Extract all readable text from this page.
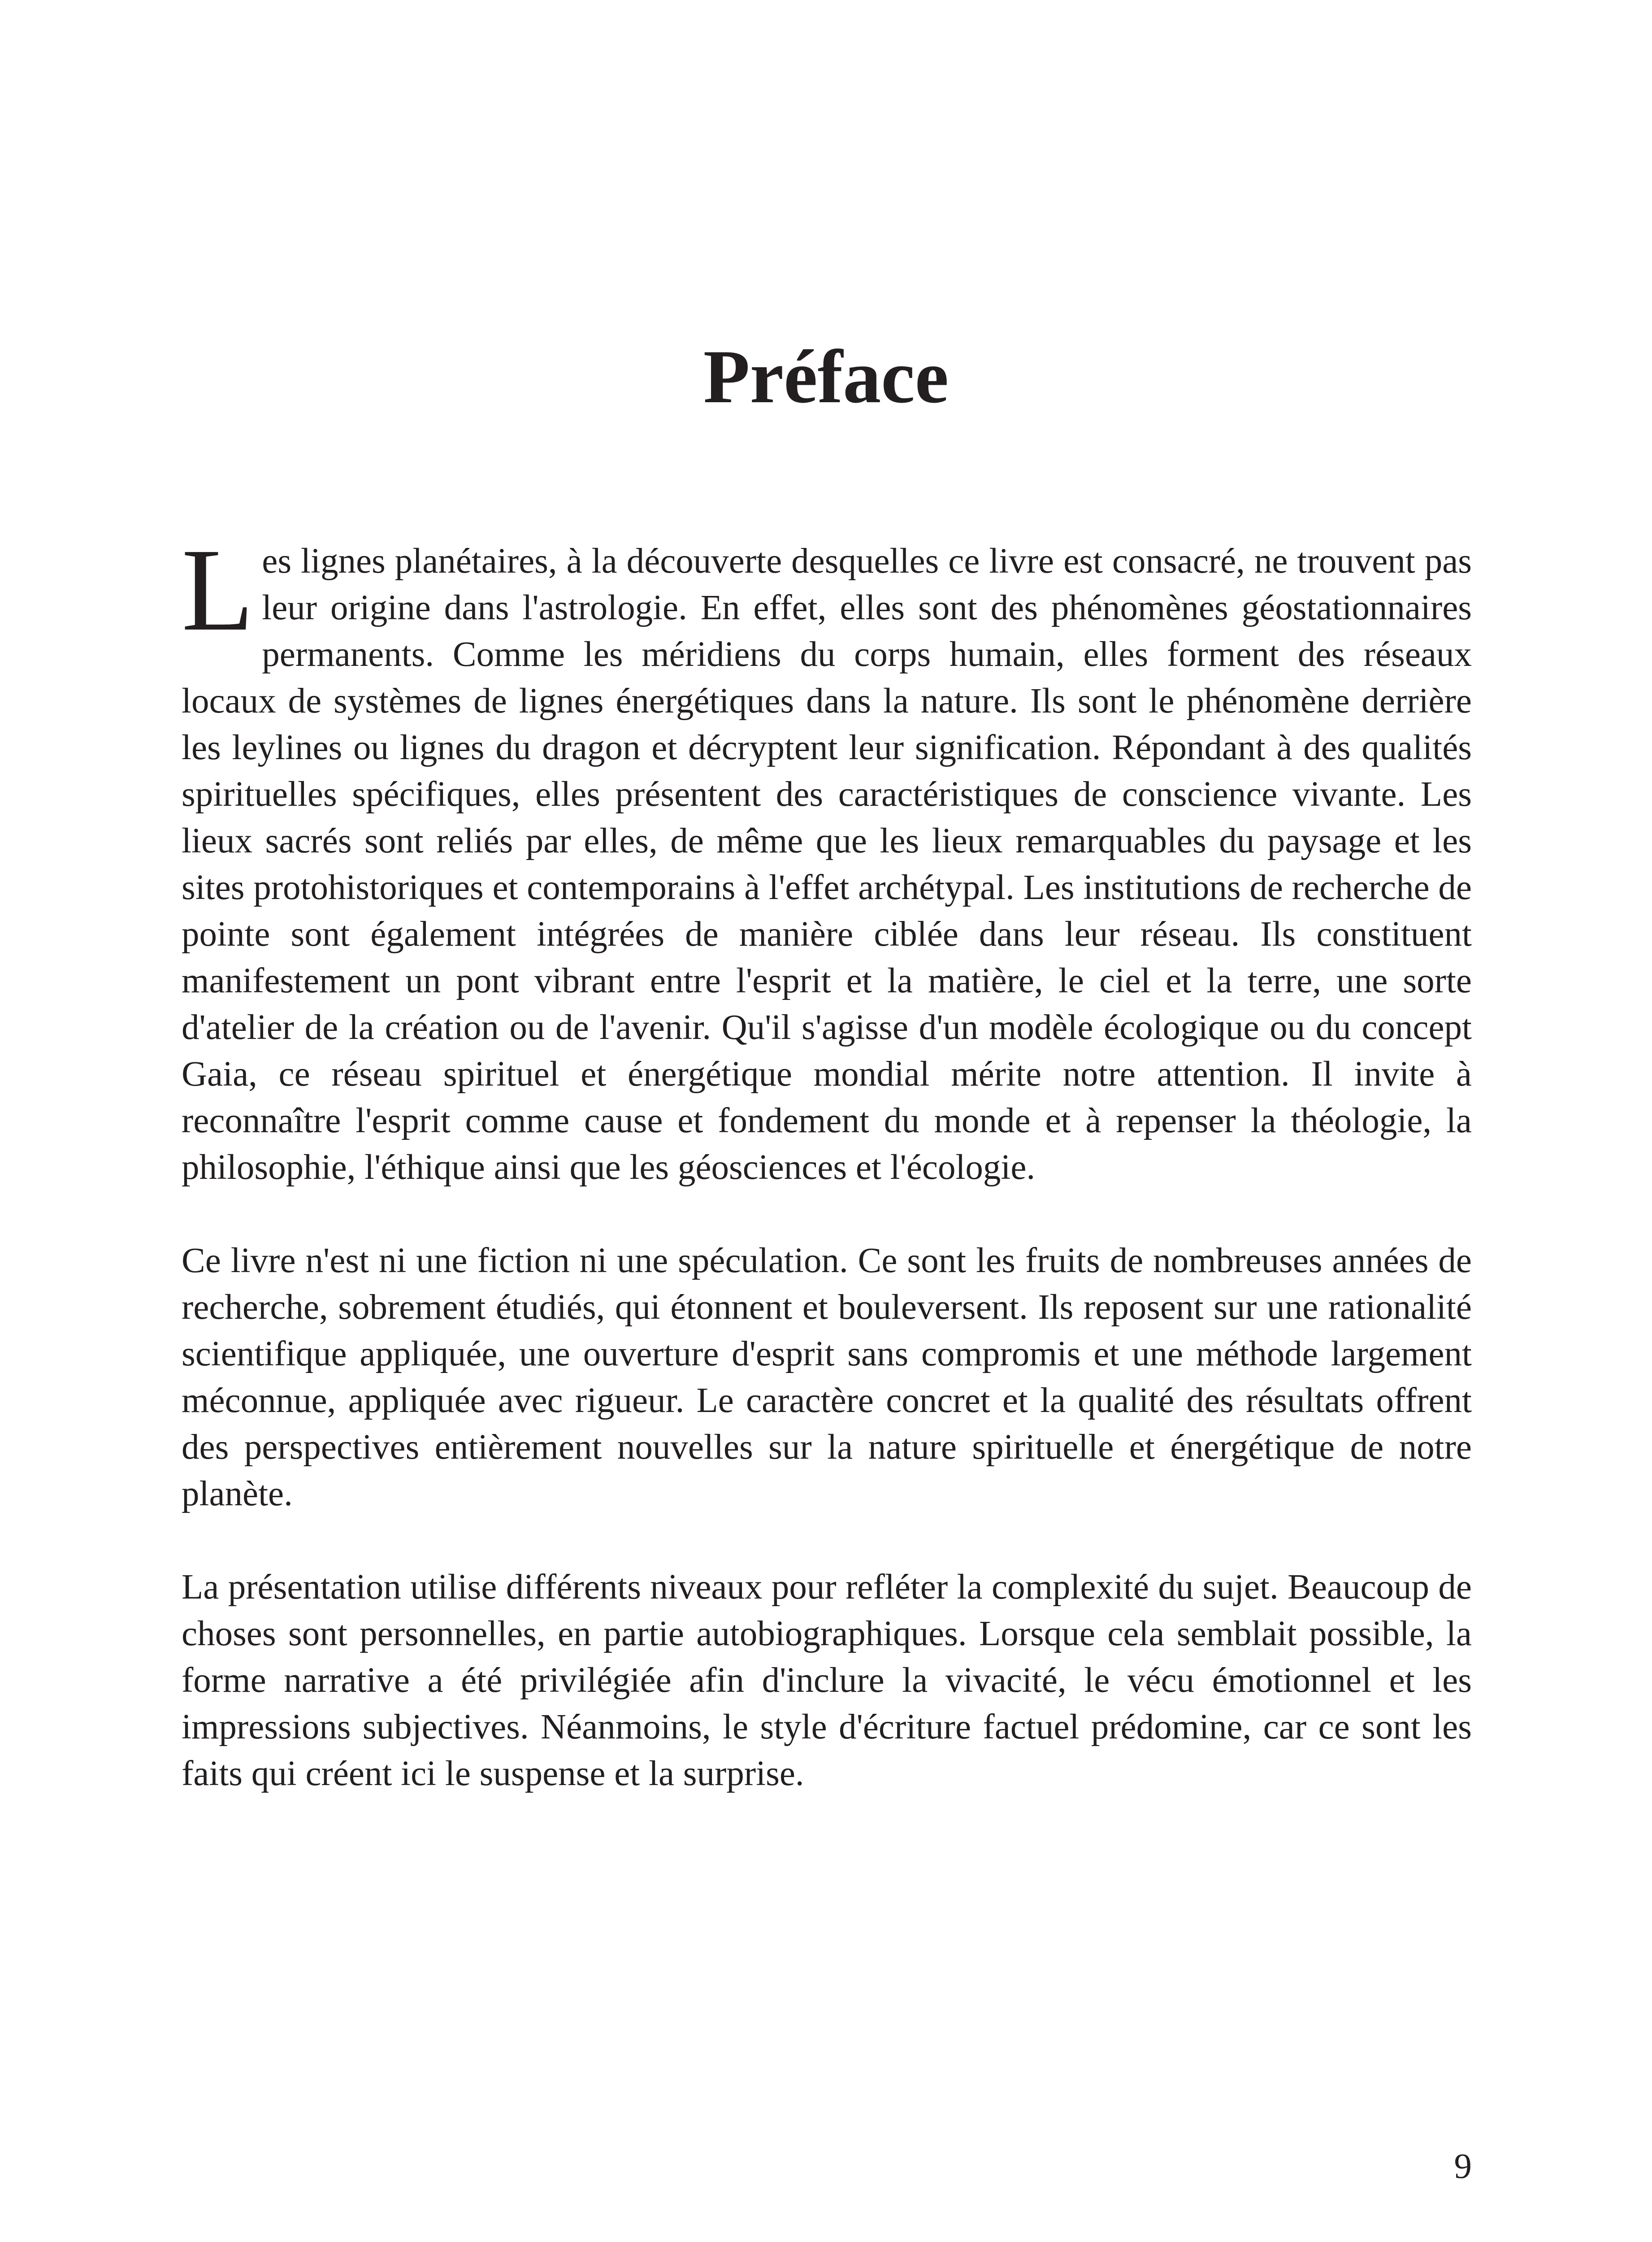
Préface

Les lignes planétaires, à la découverte desquelles ce livre est consacré, ne trouvent pas leur origine dans l'astrologie. En effet, elles sont des phénomènes géostationnaires permanents. Comme les méridiens du corps humain, elles forment des réseaux locaux de systèmes de lignes énergétiques dans la nature. Ils sont le phénomène derrière les leylines ou lignes du dragon et décryptent leur signification. Répondant à des qualités spirituelles spécifiques, elles présentent des caractéristiques de conscience vivante. Les lieux sacrés sont reliés par elles, de même que les lieux remarquables du paysage et les sites protohistoriques et contemporains à l'effet archétypal. Les institutions de recherche de pointe sont également intégrées de manière ciblée dans leur réseau. Ils constituent manifestement un pont vibrant entre l'esprit et la matière, le ciel et la terre, une sorte d'atelier de la création ou de l'avenir. Qu'il s'agisse d'un modèle écologique ou du concept Gaia, ce réseau spirituel et énergétique mondial mérite notre attention. Il invite à reconnaître l'esprit comme cause et fondement du monde et à repenser la théologie, la philosophie, l'éthique ainsi que les géosciences et l'écologie.

Ce livre n'est ni une fiction ni une spéculation. Ce sont les fruits de nombreuses années de recherche, sobrement étudiés, qui étonnent et bouleversent. Ils reposent sur une rationalité scientifique appliquée, une ouverture d'esprit sans compromis et une méthode largement méconnue, appliquée avec rigueur. Le caractère concret et la qualité des résultats offrent des perspectives entièrement nouvelles sur la nature spirituelle et énergétique de notre planète.

La présentation utilise différents niveaux pour refléter la complexité du sujet. Beaucoup de choses sont personnelles, en partie autobiographiques. Lorsque cela semblait possible, la forme narrative a été privilégiée afin d'inclure la vivacité, le vécu émotionnel et les impressions subjectives. Néanmoins, le style d'écriture factuel prédomine, car ce sont les faits qui créent ici le suspense et la surprise.

9
